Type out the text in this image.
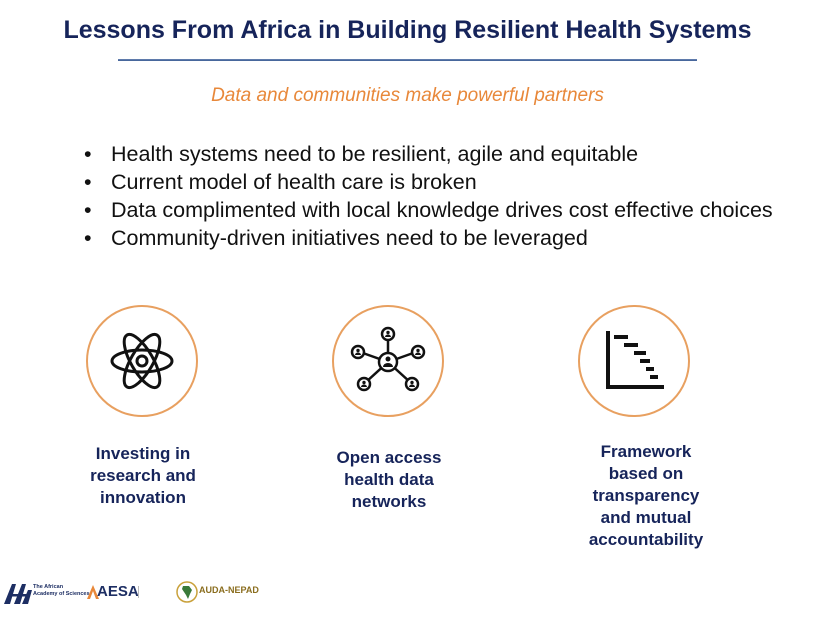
Lessons From Africa in Building Resilient Health Systems
Data and communities make powerful partners
• Health systems need to be resilient, agile and equitable
• Current model of health care is broken
• Data complimented with local knowledge drives cost effective choices
• Community-driven initiatives need to be leveraged
Investing in
research and
innovation
Open access
health data
networks
Framework
based on
transparency
and mutual
accountability
The African
Academy of Sciences AESA	AUDA-NEPAD
